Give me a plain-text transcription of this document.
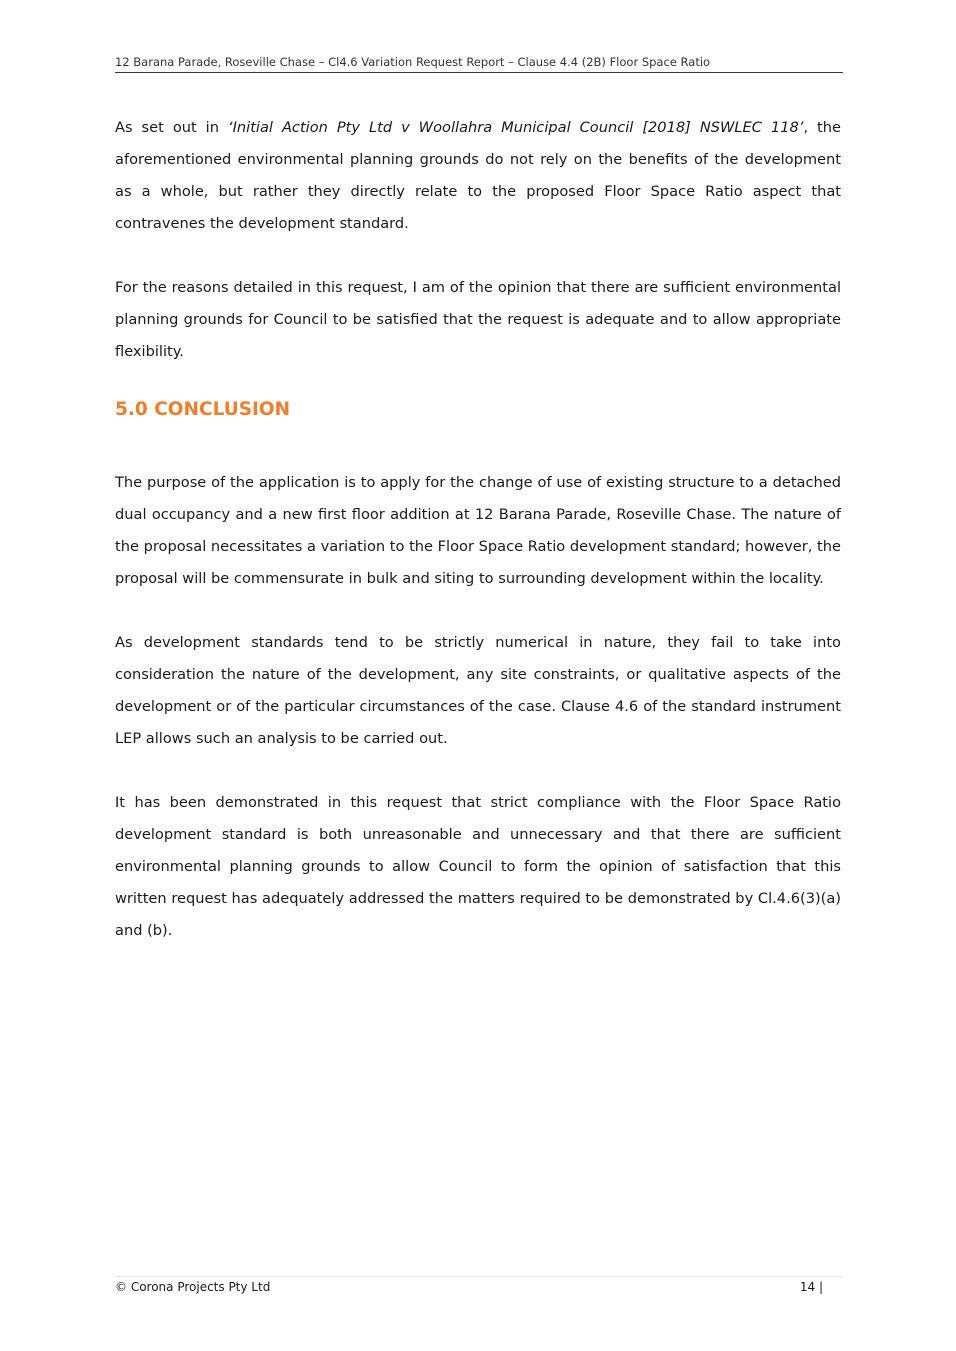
12 Barana Parade, Roseville Chase – Cl4.6 Variation Request Report – Clause 4.4 (2B) Floor Space Ratio

As set out in ‘Initial Action Pty Ltd v Woollahra Municipal Council [2018] NSWLEC 118’, the aforementioned environmental planning grounds do not rely on the benefits of the development as a whole, but rather they directly relate to the proposed Floor Space Ratio aspect that contravenes the development standard.

For the reasons detailed in this request, I am of the opinion that there are sufficient environmental planning grounds for Council to be satisfied that the request is adequate and to allow appropriate flexibility.

5.0 CONCLUSION

The purpose of the application is to apply for the change of use of existing structure to a detached dual occupancy and a new first floor addition at 12 Barana Parade, Roseville Chase. The nature of the proposal necessitates a variation to the Floor Space Ratio development standard; however, the proposal will be commensurate in bulk and siting to surrounding development within the locality.

As development standards tend to be strictly numerical in nature, they fail to take into consideration the nature of the development, any site constraints, or qualitative aspects of the development or of the particular circumstances of the case. Clause 4.6 of the standard instrument LEP allows such an analysis to be carried out.

It has been demonstrated in this request that strict compliance with the Floor Space Ratio development standard is both unreasonable and unnecessary and that there are sufficient environmental planning grounds to allow Council to form the opinion of satisfaction that this written request has adequately addressed the matters required to be demonstrated by Cl.4.6(3)(a) and (b).

© Corona Projects Pty Ltd	14 |
